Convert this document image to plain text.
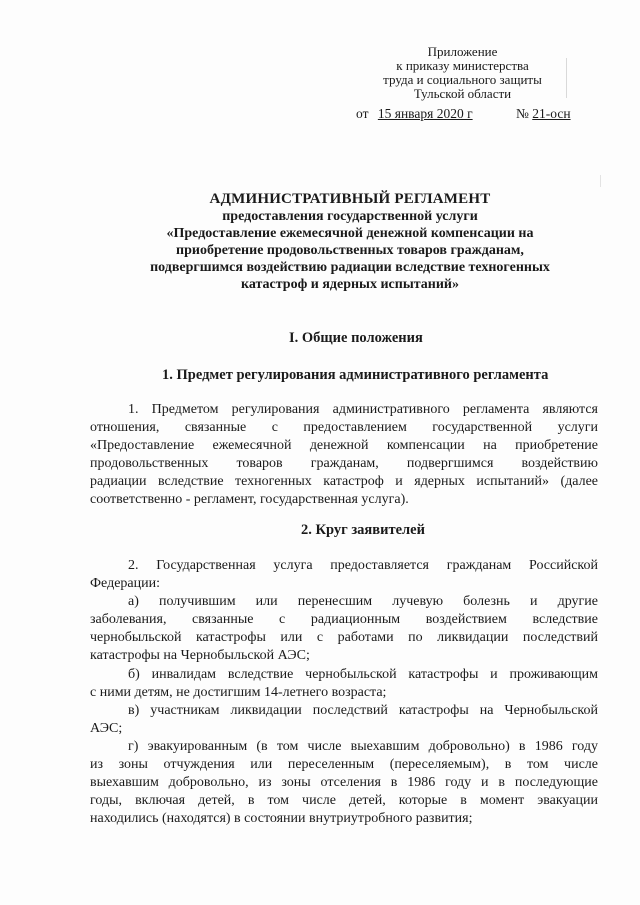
Приложение
к приказу министерства
труда и социального защиты
Тульской области
от 15 января 2020 г	№ 21-осн
АДМИНИСТРАТИВНЫЙ РЕГЛАМЕНТ
предоставления государственной услуги
«Предоставление ежемесячной денежной компенсации на
приобретение продовольственных товаров гражданам,
подвергшимся воздействию радиации вследствие техногенных
катастроф и ядерных испытаний»
I. Общие положения
1. Предмет регулирования административного регламента
1. Предметом регулирования административного регламента являются
отношения, связанные с предоставлением государственной услуги
«Предоставление ежемесячной денежной компенсации на приобретение
продовольственных товаров гражданам, подвергшимся воздействию
радиации вследствие техногенных катастроф и ядерных испытаний» (далее
соответственно - регламент, государственная услуга).
2. Круг заявителей
2. Государственная услуга предоставляется гражданам Российской
Федерации:
а) получившим или перенесшим лучевую болезнь и другие
заболевания, связанные с радиационным воздействием вследствие
чернобыльской катастрофы или с работами по ликвидации последствий
катастрофы на Чернобыльской АЭС;
б) инвалидам вследствие чернобыльской катастрофы и проживающим
с ними детям, не достигшим 14-летнего возраста;
в) участникам ликвидации последствий катастрофы на Чернобыльской
АЭС;
г) эвакуированным (в том числе выехавшим добровольно) в 1986 году
из зоны отчуждения или переселенным (переселяемым), в том числе
выехавшим добровольно, из зоны отселения в 1986 году и в последующие
годы, включая детей, в том числе детей, которые в момент эвакуации
находились (находятся) в состоянии внутриутробного развития;
